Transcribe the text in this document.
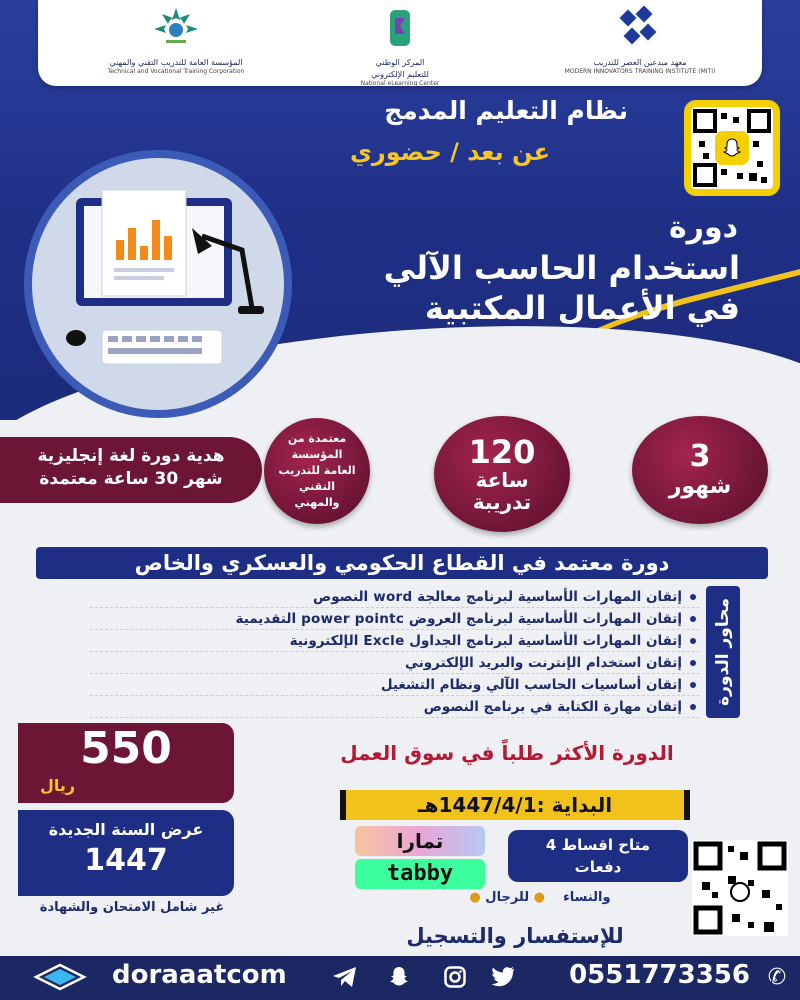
المؤسسة العامة للتدريب التقني والمهني
Technical and Vocational Training Corporation
المركز الوطني
للتعليم الإلكتروني
National eLearning Center
معهد مبدعين العصر للتدريب
MODERN INNOVATORS TRAINING INSTITUTE (MITI)
نظام التعليم المدمج
عن بعد / حضوري
دورة
استخدام الحاسب الآلي
في الأعمال المكتبية
هدية دورة لغة إنجليزية
شهر 30 ساعة معتمدة
معتمدة من المؤسسة العامة للتدريب التقني والمهني
120
ساعة
تدريبة
3
شهور
دورة معتمد في القطاع الحكومي والعسكري والخاص
محاور الدورة
إتقان المهارات الأساسية لبرنامج معالجة word النصوص
إتقان المهارات الأساسية لبرنامج العروض power pointc التقديمية
إتقان المهارات الأساسية لبرنامج الجداول Excle الإلكترونية
إتقان استخدام الإنترنت والبريد الإلكتروني
إتقان أساسيات الحاسب الآلي ونظام التشغيل
إتقان مهارة الكتابة في برنامج النصوص
550
ريال
عرض السنة الجديدة
1447
غير شامل الامتحان والشهادة
الدورة الأكثر طلباً في سوق العمل
البداية :1447/4/1هـ
تمارا
tabby
متاح اقساط 4
دفعات
●	والنساء    ● للرجال
للإستفسار والتسجيل
0551773356 ✆
doraaatcom
